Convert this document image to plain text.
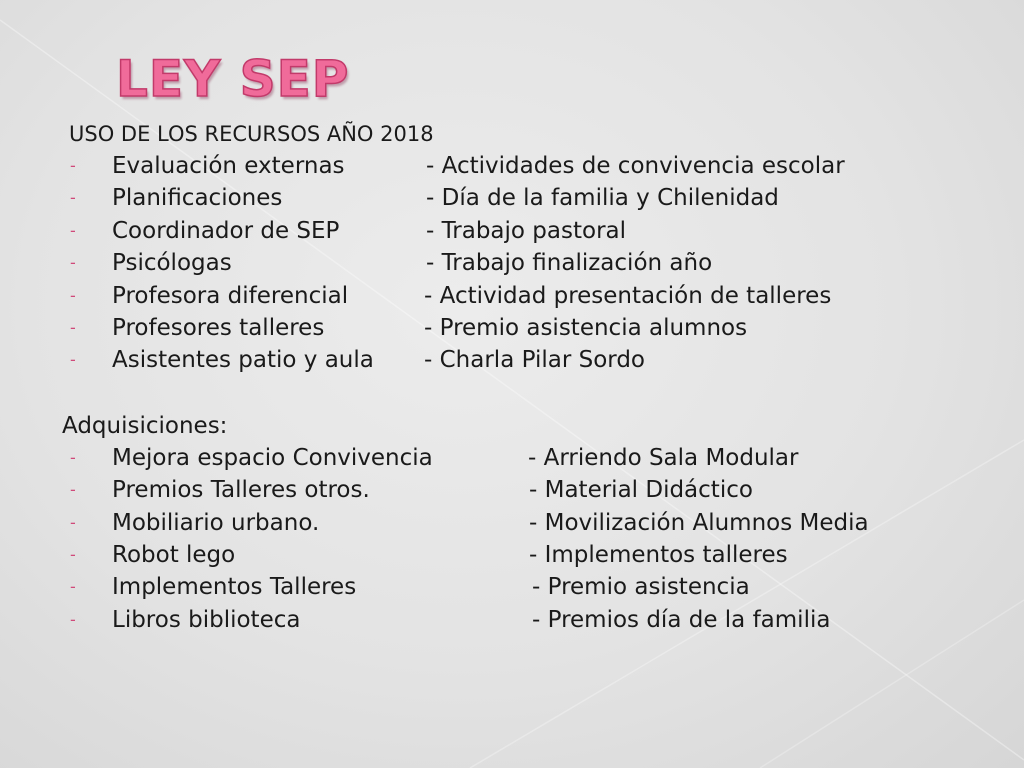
LEY SEP
USO DE LOS RECURSOS AÑO 2018
- Evaluación externas	- Actividades de convivencia escolar
- Planificaciones	- Día de la familia y Chilenidad
- Coordinador de SEP	- Trabajo pastoral
- Psicólogas	- Trabajo finalización año
- Profesora diferencial	- Actividad presentación de talleres
- Profesores talleres	- Premio asistencia alumnos
- Asistentes patio y aula - Charla Pilar Sordo
Adquisiciones:
- Mejora espacio Convivencia	- Arriendo Sala Modular
- Premios Talleres otros.	- Material Didáctico
- Mobiliario urbano.	- Movilización Alumnos Media
- Robot lego	- Implementos talleres
- Implementos Talleres	- Premio asistencia
- Libros biblioteca	- Premios día de la familia
